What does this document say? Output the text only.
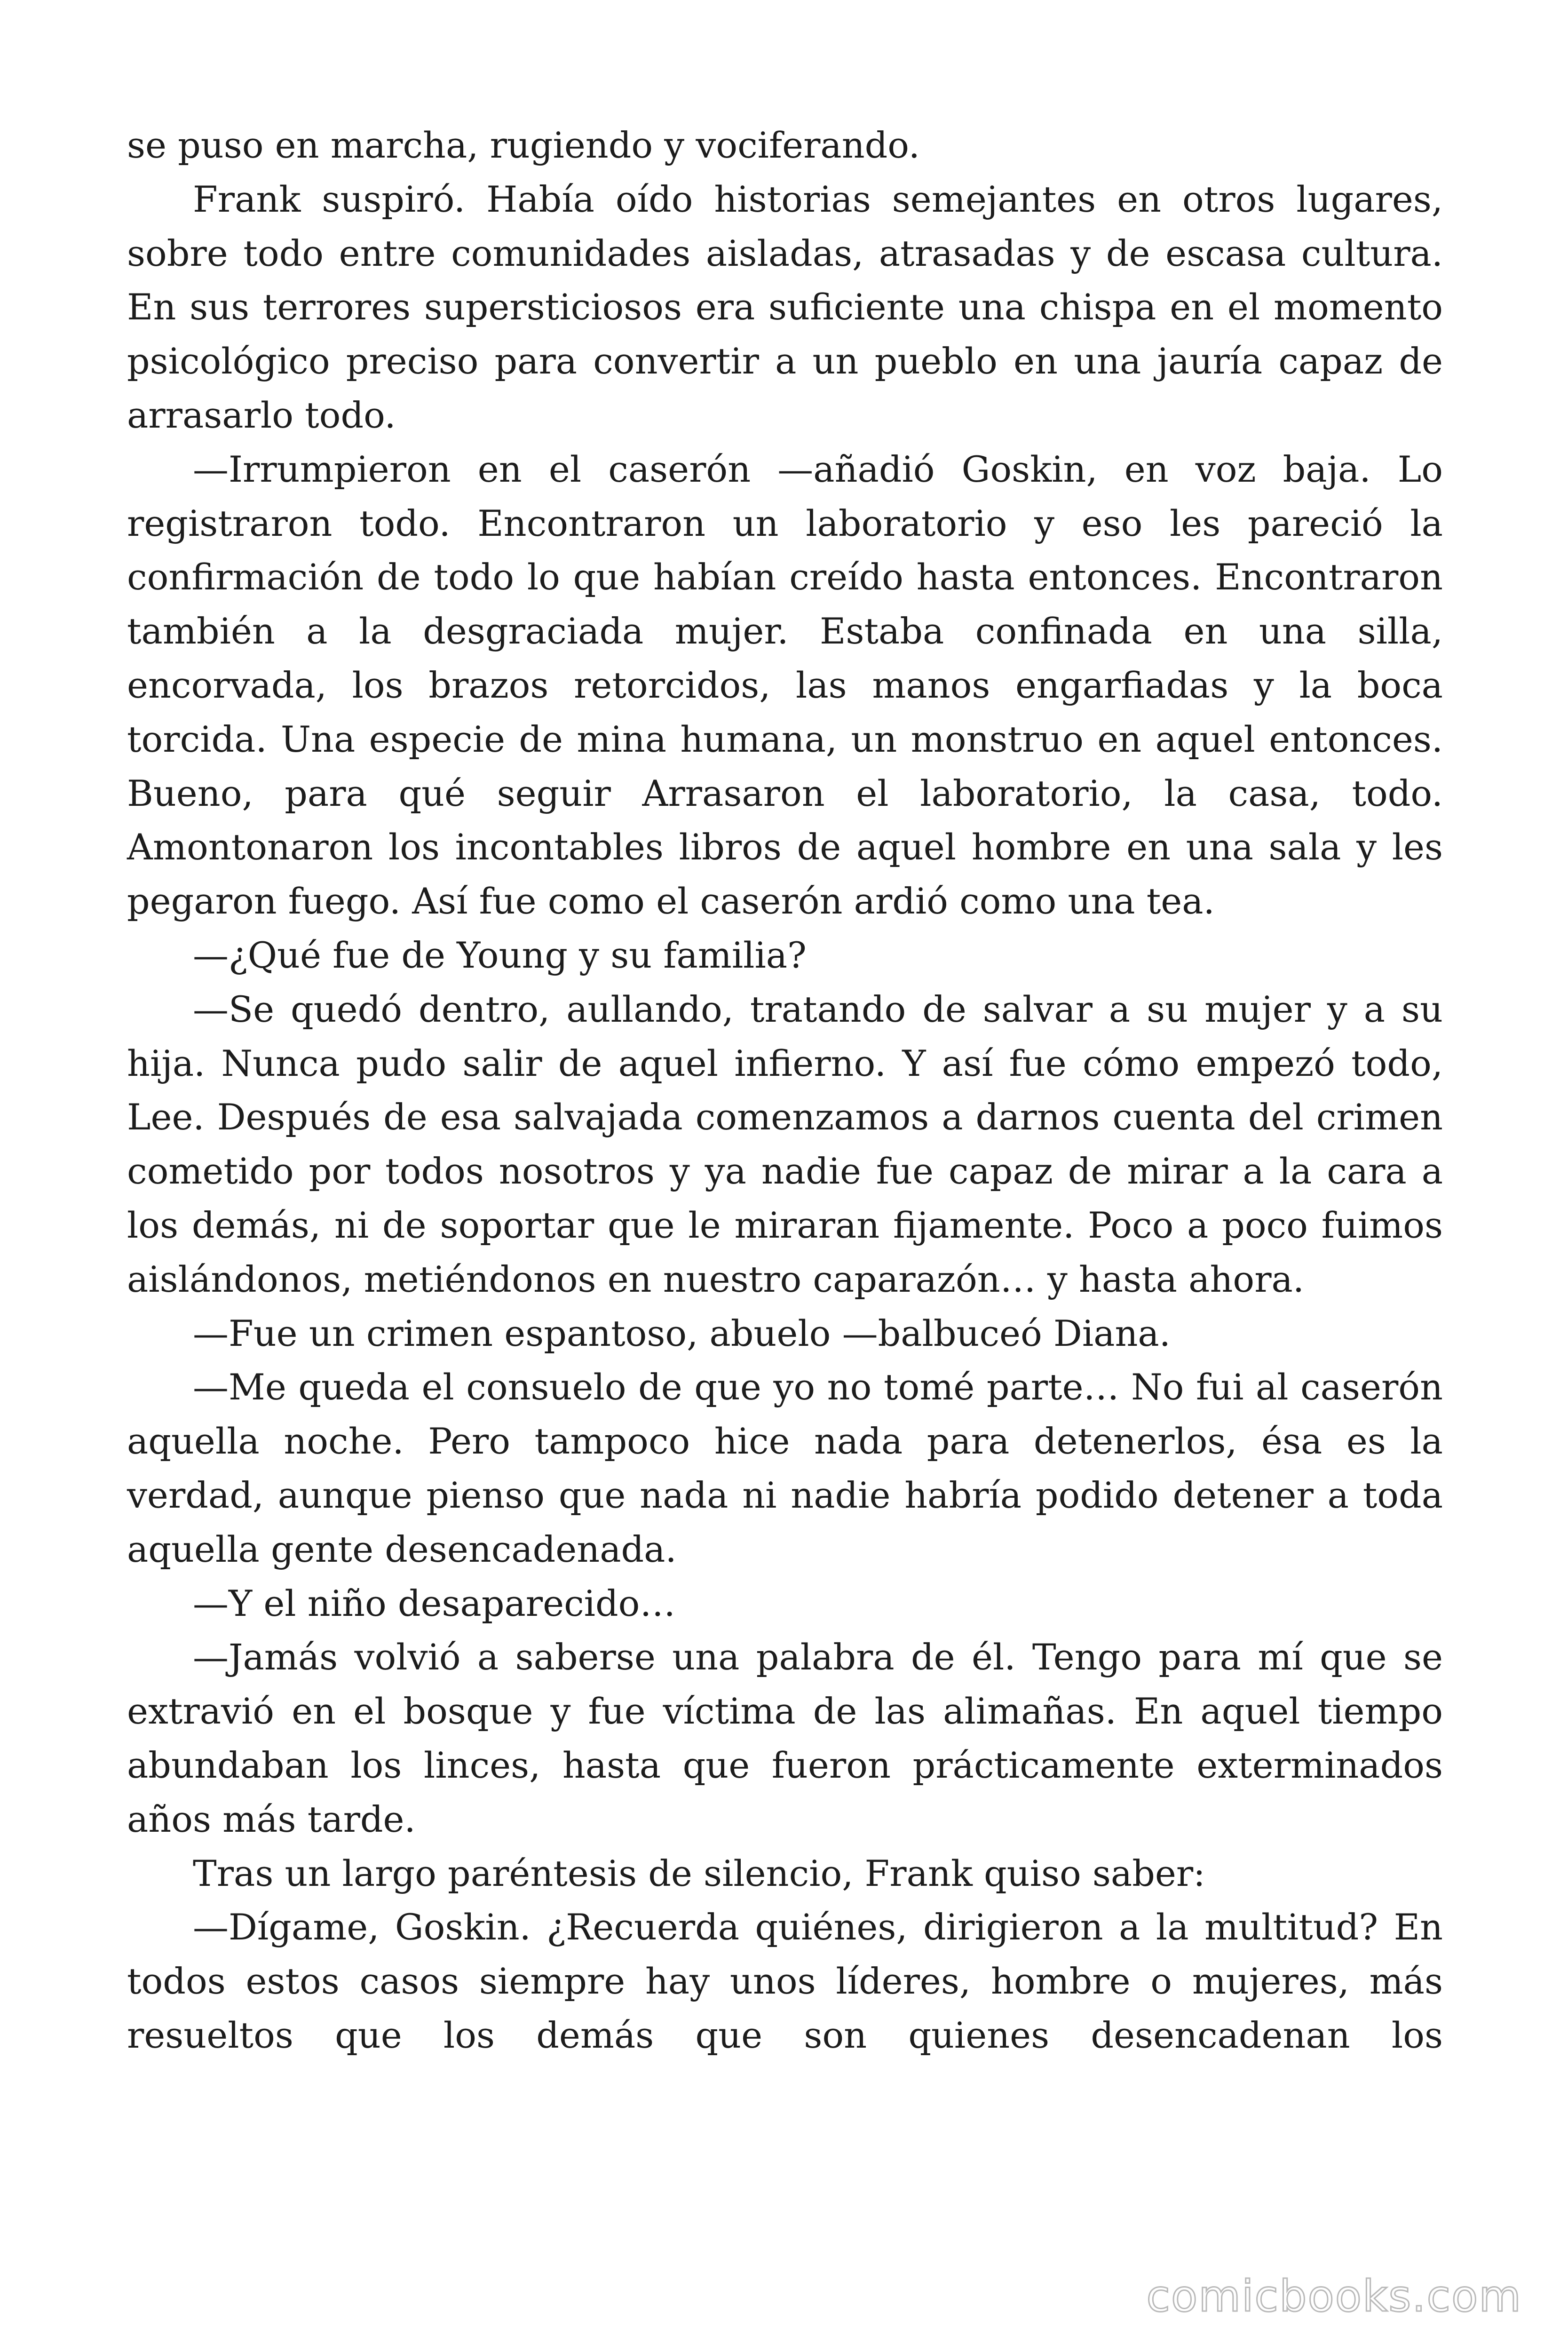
se puso en marcha, rugiendo y vociferando.

Frank suspiró. Había oído historias semejantes en otros lugares, sobre todo entre comunidades aisladas, atrasadas y de escasa cultura. En sus terrores supersticiosos era suficiente una chispa en el momento psicológico preciso para convertir a un pueblo en una jauría capaz de arrasarlo todo.

—Irrumpieron en el caserón —añadió Goskin, en voz baja. Lo registraron todo. Encontraron un laboratorio y eso les pareció la confirmación de todo lo que habían creído hasta entonces. Encontraron también a la desgraciada mujer. Estaba confinada en una silla, encorvada, los brazos retorcidos, las manos engarfiadas y la boca torcida. Una especie de mina humana, un monstruo en aquel entonces. Bueno, para qué seguir Arrasaron el laboratorio, la casa, todo. Amontonaron los incontables libros de aquel hombre en una sala y les pegaron fuego. Así fue como el caserón ardió como una tea.

—¿Qué fue de Young y su familia?

—Se quedó dentro, aullando, tratando de salvar a su mujer y a su hija. Nunca pudo salir de aquel infierno. Y así fue cómo empezó todo, Lee. Después de esa salvajada comenzamos a darnos cuenta del crimen cometido por todos nosotros y ya nadie fue capaz de mirar a la cara a los demás, ni de soportar que le miraran fijamente. Poco a poco fuimos aislándonos, metiéndonos en nuestro caparazón… y hasta ahora.

—Fue un crimen espantoso, abuelo —balbuceó Diana.

—Me queda el consuelo de que yo no tomé parte… No fui al caserón aquella noche. Pero tampoco hice nada para detenerlos, ésa es la verdad, aunque pienso que nada ni nadie habría podido detener a toda aquella gente desencadenada.

—Y el niño desaparecido…

—Jamás volvió a saberse una palabra de él. Tengo para mí que se extravió en el bosque y fue víctima de las alimañas. En aquel tiempo abundaban los linces, hasta que fueron prácticamente exterminados años más tarde.

Tras un largo paréntesis de silencio, Frank quiso saber:

—Dígame, Goskin. ¿Recuerda quiénes, dirigieron a la multitud? En todos estos casos siempre hay unos líderes, hombre o mujeres, más resueltos que los demás que son quienes desencadenan los

comicbooks.com
